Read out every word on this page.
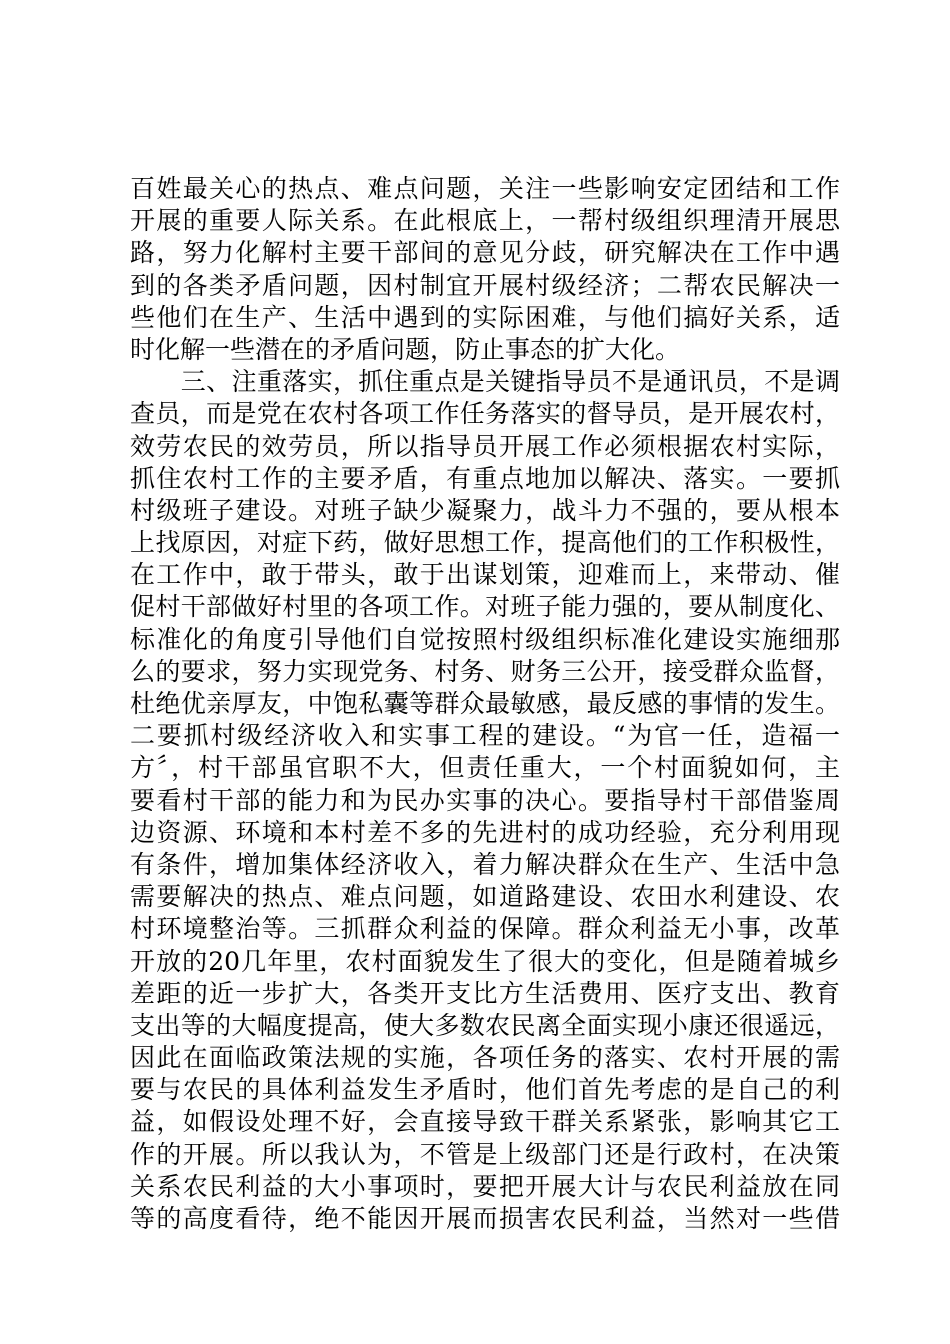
百姓最关心的热点、难点问题，关注一些影响安定团结和工作
开展的重要人际关系。在此根底上，一帮村级组织理清开展思
路，努力化解村主要干部间的意见分歧，研究解决在工作中遇
到的各类矛盾问题，因村制宜开展村级经济；二帮农民解决一
些他们在生产、生活中遇到的实际困难，与他们搞好关系，适
时化解一些潜在的矛盾问题，防止事态的扩大化。
　　三、注重落实，抓住重点是关键指导员不是通讯员，不是调
查员，而是党在农村各项工作任务落实的督导员，是开展农村，
效劳农民的效劳员，所以指导员开展工作必须根据农村实际，
抓住农村工作的主要矛盾，有重点地加以解决、落实。一要抓
村级班子建设。对班子缺少凝聚力，战斗力不强的，要从根本
上找原因，对症下药，做好思想工作，提高他们的工作积极性，
在工作中，敢于带头，敢于出谋划策，迎难而上，来带动、催
促村干部做好村里的各项工作。对班子能力强的，要从制度化、
标准化的角度引导他们自觉按照村级组织标准化建设实施细那
么的要求，努力实现党务、村务、财务三公开，接受群众监督，
杜绝优亲厚友，中饱私囊等群众最敏感，最反感的事情的发生。
二要抓村级经济收入和实事工程的建设。“为官一任，造福一
方〞，村干部虽官职不大，但责任重大，一个村面貌如何，主
要看村干部的能力和为民办实事的决心。要指导村干部借鉴周
边资源、环境和本村差不多的先进村的成功经验，充分利用现
有条件，增加集体经济收入，着力解决群众在生产、生活中急
需要解决的热点、难点问题，如道路建设、农田水利建设、农
村环境整治等。三抓群众利益的保障。群众利益无小事，改革
开放的20几年里，农村面貌发生了很大的变化，但是随着城乡
差距的近一步扩大，各类开支比方生活费用、医疗支出、教育
支出等的大幅度提高，使大多数农民离全面实现小康还很遥远，
因此在面临政策法规的实施，各项任务的落实、农村开展的需
要与农民的具体利益发生矛盾时，他们首先考虑的是自己的利
益，如假设处理不好，会直接导致干群关系紧张，影响其它工
作的开展。所以我认为，不管是上级部门还是行政村，在决策
关系农民利益的大小事项时，要把开展大计与农民利益放在同
等的高度看待，绝不能因开展而损害农民利益，当然对一些借
